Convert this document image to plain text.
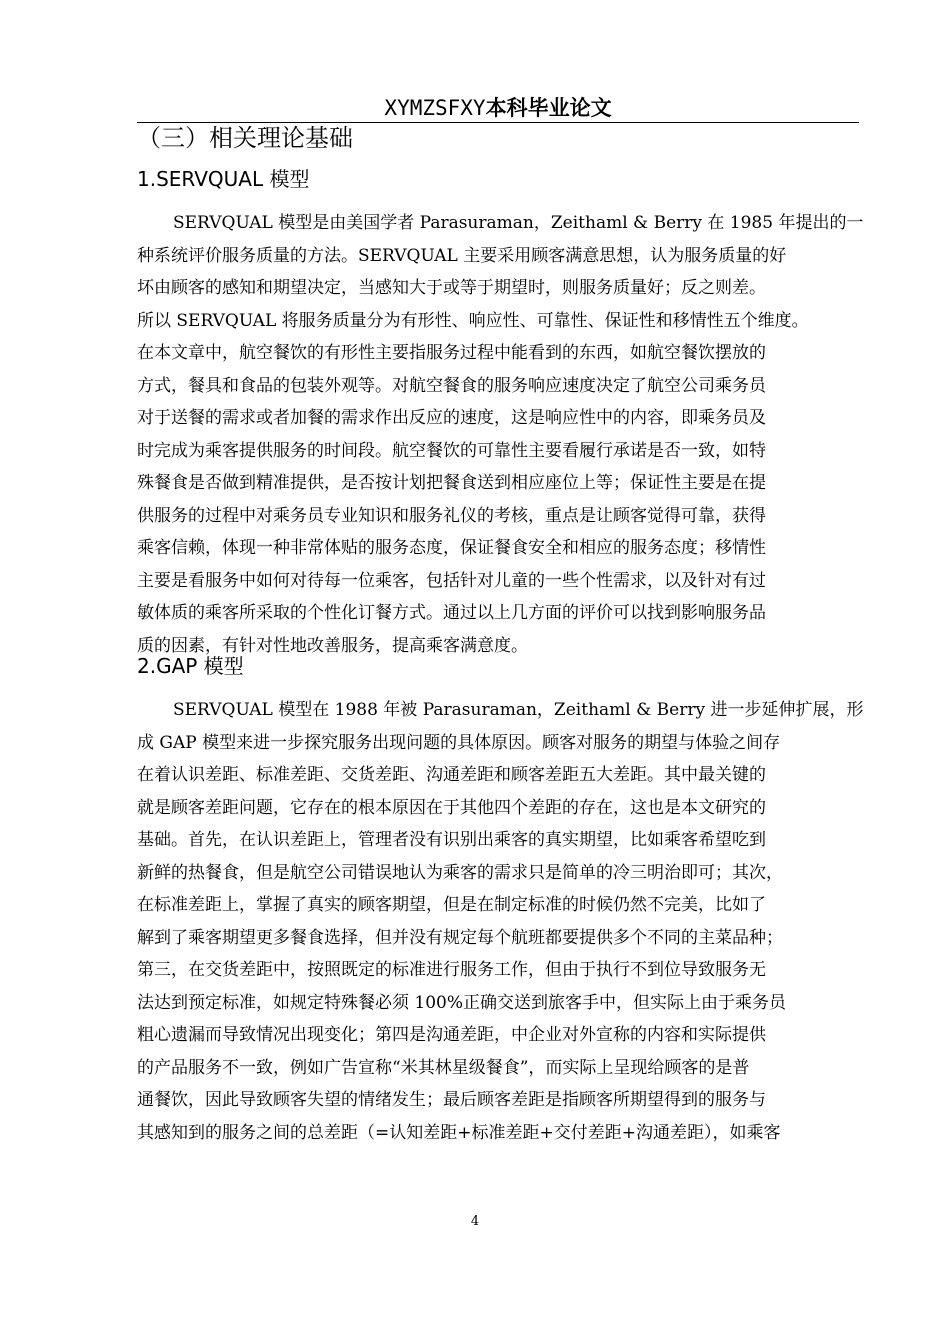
XYMZSFXY本科毕业论文
（三）相关理论基础
1.SERVQUAL 模型
SERVQUAL 模型是由美国学者 Parasuraman，Zeithaml & Berry 在 1985 年提出的一
种系统评价服务质量的方法。SERVQUAL 主要采用顾客满意思想，认为服务质量的好
坏由顾客的感知和期望决定，当感知大于或等于期望时，则服务质量好；反之则差。
所以 SERVQUAL 将服务质量分为有形性、响应性、可靠性、保证性和移情性五个维度。
在本文章中，航空餐饮的有形性主要指服务过程中能看到的东西，如航空餐饮摆放的
方式，餐具和食品的包装外观等。对航空餐食的服务响应速度决定了航空公司乘务员
对于送餐的需求或者加餐的需求作出反应的速度，这是响应性中的内容，即乘务员及
时完成为乘客提供服务的时间段。航空餐饮的可靠性主要看履行承诺是否一致，如特
殊餐食是否做到精准提供，是否按计划把餐食送到相应座位上等；保证性主要是在提
供服务的过程中对乘务员专业知识和服务礼仪的考核，重点是让顾客觉得可靠，获得
乘客信赖，体现一种非常体贴的服务态度，保证餐食安全和相应的服务态度；移情性
主要是看服务中如何对待每一位乘客，包括针对儿童的一些个性需求，以及针对有过
敏体质的乘客所采取的个性化订餐方式。通过以上几方面的评价可以找到影响服务品
质的因素，有针对性地改善服务，提高乘客满意度。
2.GAP 模型
SERVQUAL 模型在 1988 年被 Parasuraman，Zeithaml & Berry 进一步延伸扩展，形
成 GAP 模型来进一步探究服务出现问题的具体原因。顾客对服务的期望与体验之间存
在着认识差距、标准差距、交货差距、沟通差距和顾客差距五大差距。其中最关键的
就是顾客差距问题，它存在的根本原因在于其他四个差距的存在，这也是本文研究的
基础。首先，在认识差距上，管理者没有识别出乘客的真实期望，比如乘客希望吃到
新鲜的热餐食，但是航空公司错误地认为乘客的需求只是简单的冷三明治即可；其次，
在标准差距上，掌握了真实的顾客期望，但是在制定标准的时候仍然不完美，比如了
解到了乘客期望更多餐食选择，但并没有规定每个航班都要提供多个不同的主菜品种；
第三，在交货差距中，按照既定的标准进行服务工作，但由于执行不到位导致服务无
法达到预定标准，如规定特殊餐必须 100%正确交送到旅客手中，但实际上由于乘务员
粗心遗漏而导致情况出现变化；第四是沟通差距，中企业对外宣称的内容和实际提供
的产品服务不一致，例如广告宣称“米其林星级餐食”，而实际上呈现给顾客的是普
通餐饮，因此导致顾客失望的情绪发生；最后顾客差距是指顾客所期望得到的服务与
其感知到的服务之间的总差距（=认知差距+标准差距+交付差距+沟通差距），如乘客
4
